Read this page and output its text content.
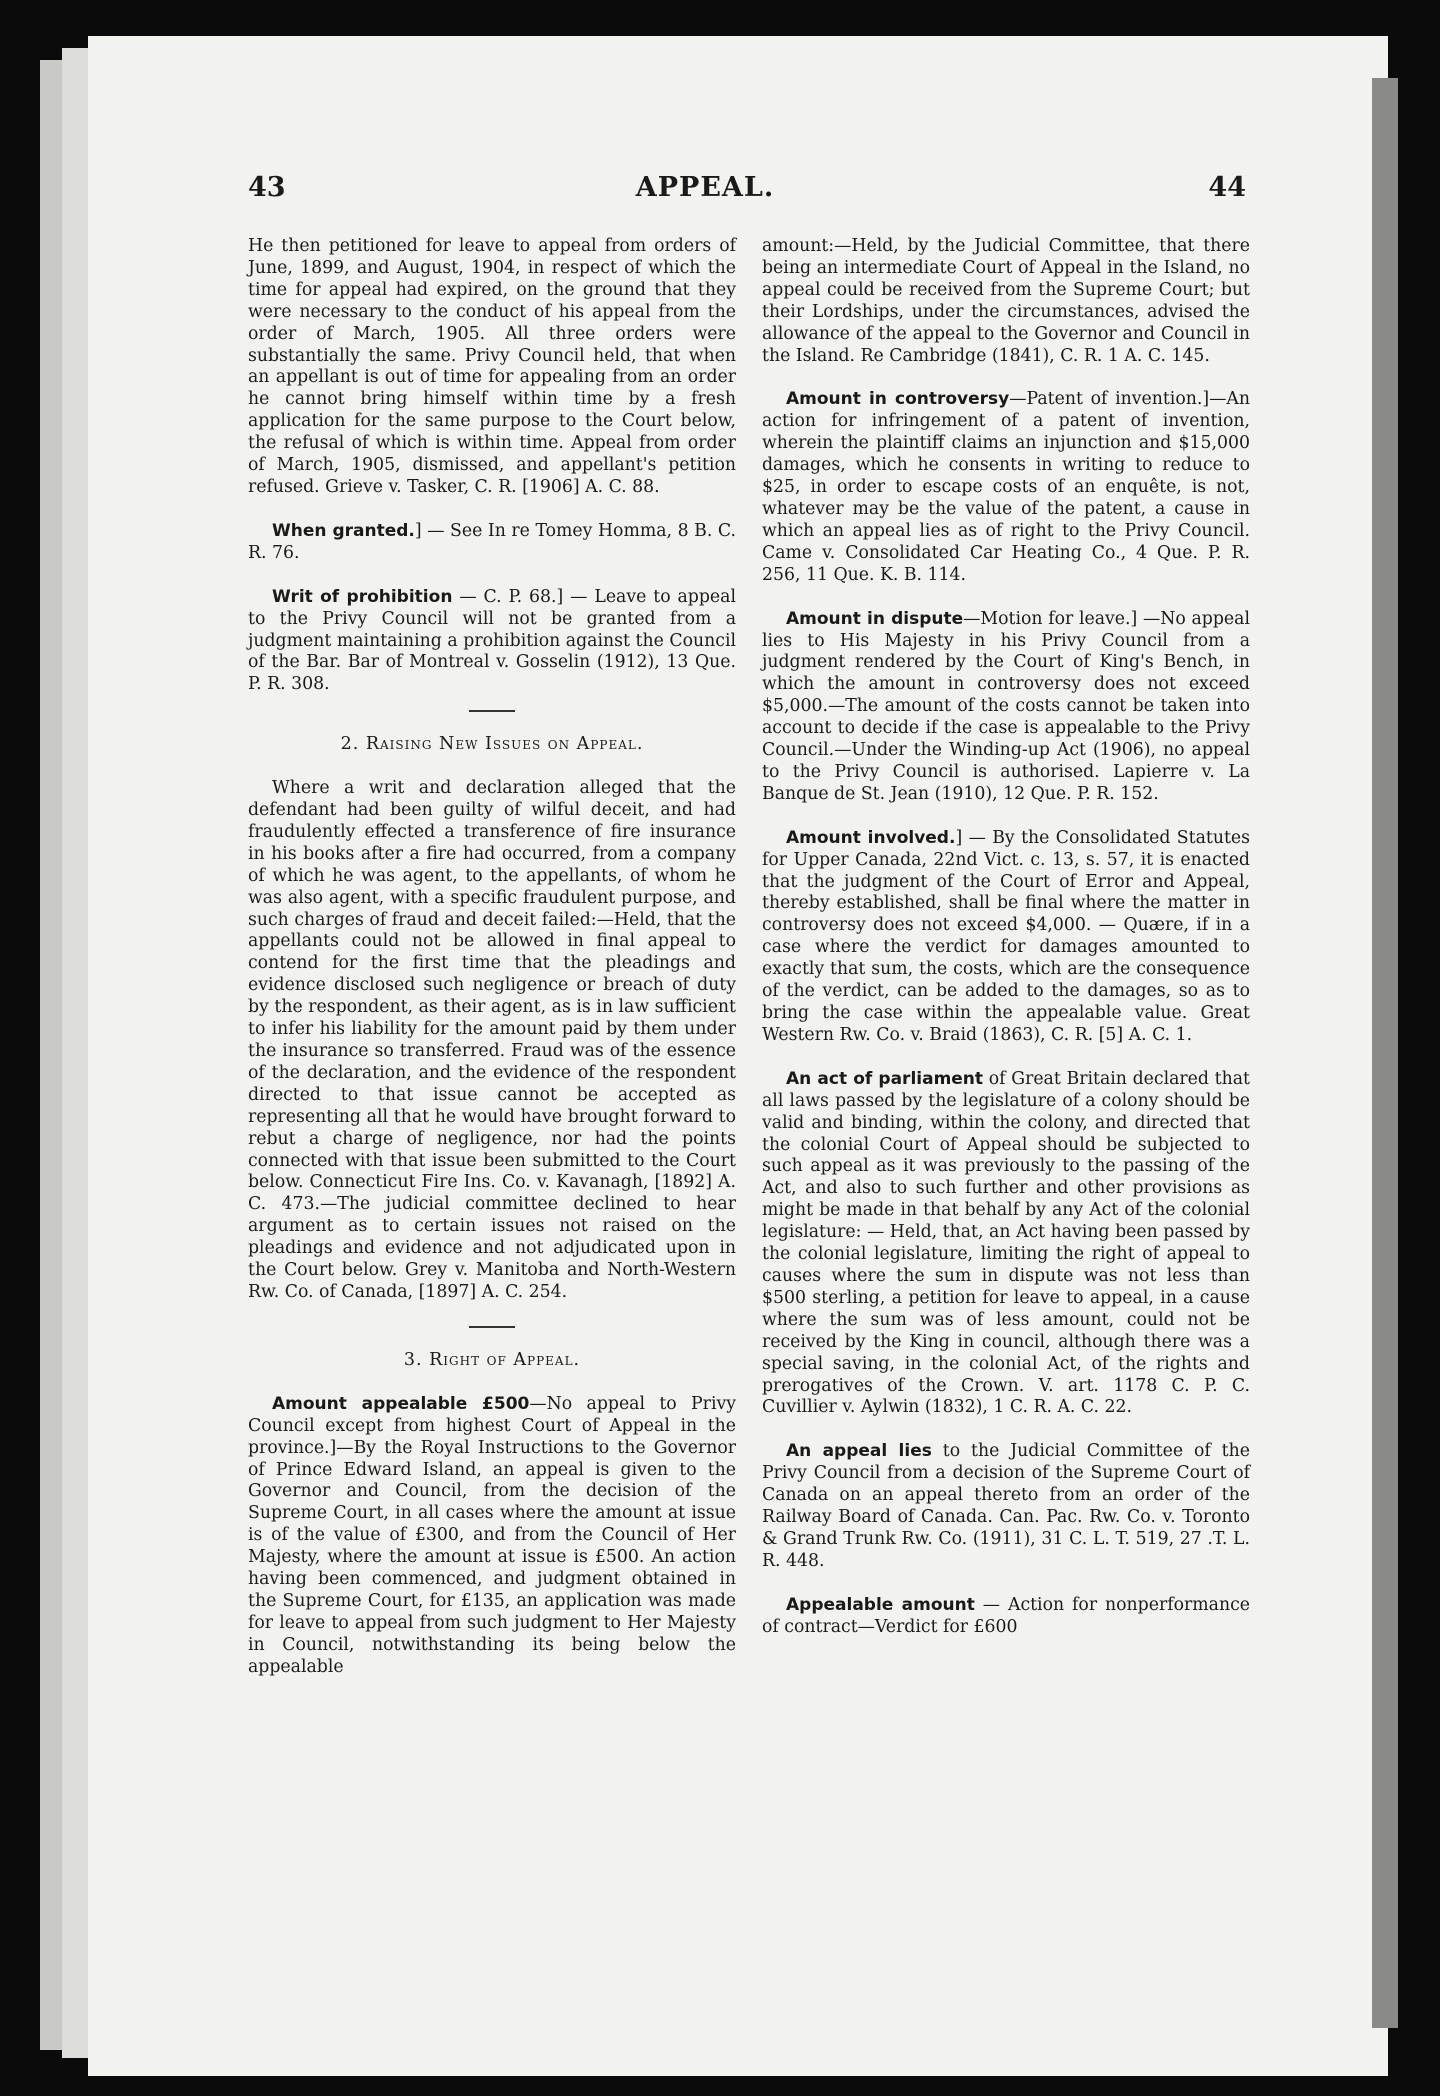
43	APPEAL.	44

He then petitioned for leave to appeal from orders of June, 1899, and August, 1904, in respect of which the time for appeal had expired, on the ground that they were necessary to the conduct of his appeal from the order of March, 1905. All three orders were substantially the same. Privy Council held, that when an appellant is out of time for appealing from an order he cannot bring himself within time by a fresh application for the same purpose to the Court below, the refusal of which is within time. Appeal from order of March, 1905, dismissed, and appellant's petition refused. Grieve v. Tasker, C. R. [1906] A. C. 88.

When granted.] — See In re Tomey Homma, 8 B. C. R. 76.

Writ of prohibition — C. P. 68.] — Leave to appeal to the Privy Council will not be granted from a judgment maintaining a prohibition against the Council of the Bar. Bar of Montreal v. Gosselin (1912), 13 Que. P. R. 308.

2. Raising New Issues on Appeal.

Where a writ and declaration alleged that the defendant had been guilty of wilful deceit, and had fraudulently effected a transference of fire insurance in his books after a fire had occurred, from a company of which he was agent, to the appellants, of whom he was also agent, with a specific fraudulent purpose, and such charges of fraud and deceit failed:—Held, that the appellants could not be allowed in final appeal to contend for the first time that the pleadings and evidence disclosed such negligence or breach of duty by the respondent, as their agent, as is in law sufficient to infer his liability for the amount paid by them under the insurance so transferred. Fraud was of the essence of the declaration, and the evidence of the respondent directed to that issue cannot be accepted as representing all that he would have brought forward to rebut a charge of negligence, nor had the points connected with that issue been submitted to the Court below. Connecticut Fire Ins. Co. v. Kavanagh, [1892] A. C. 473.—The judicial committee declined to hear argument as to certain issues not raised on the pleadings and evidence and not adjudicated upon in the Court below. Grey v. Manitoba and North-Western Rw. Co. of Canada, [1897] A. C. 254.

3. Right of Appeal.

Amount appealable £500—No appeal to Privy Council except from highest Court of Appeal in the province.]—By the Royal Instructions to the Governor of Prince Edward Island, an appeal is given to the Governor and Council, from the decision of the Supreme Court, in all cases where the amount at issue is of the value of £300, and from the Council of Her Majesty, where the amount at issue is £500. An action having been commenced, and judgment obtained in the Supreme Court, for £135, an application was made for leave to appeal from such judgment to Her Majesty in Council, notwithstanding its being below the appealable

amount:—Held, by the Judicial Committee, that there being an intermediate Court of Appeal in the Island, no appeal could be received from the Supreme Court; but their Lordships, under the circumstances, advised the allowance of the appeal to the Governor and Council in the Island. Re Cambridge (1841), C. R. 1 A. C. 145.

Amount in controversy—Patent of invention.]—An action for infringement of a patent of invention, wherein the plaintiff claims an injunction and $15,000 damages, which he consents in writing to reduce to $25, in order to escape costs of an enquête, is not, whatever may be the value of the patent, a cause in which an appeal lies as of right to the Privy Council. Came v. Consolidated Car Heating Co., 4 Que. P. R. 256, 11 Que. K. B. 114.

Amount in dispute—Motion for leave.] —No appeal lies to His Majesty in his Privy Council from a judgment rendered by the Court of King's Bench, in which the amount in controversy does not exceed $5,000.—The amount of the costs cannot be taken into account to decide if the case is appealable to the Privy Council.—Under the Winding-up Act (1906), no appeal to the Privy Council is authorised. Lapierre v. La Banque de St. Jean (1910), 12 Que. P. R. 152.

Amount involved.] — By the Consolidated Statutes for Upper Canada, 22nd Vict. c. 13, s. 57, it is enacted that the judgment of the Court of Error and Appeal, thereby established, shall be final where the matter in controversy does not exceed $4,000. — Quære, if in a case where the verdict for damages amounted to exactly that sum, the costs, which are the consequence of the verdict, can be added to the damages, so as to bring the case within the appealable value. Great Western Rw. Co. v. Braid (1863), C. R. [5] A. C. 1.

An act of parliament of Great Britain declared that all laws passed by the legislature of a colony should be valid and binding, within the colony, and directed that the colonial Court of Appeal should be subjected to such appeal as it was previously to the passing of the Act, and also to such further and other provisions as might be made in that behalf by any Act of the colonial legislature: — Held, that, an Act having been passed by the colonial legislature, limiting the right of appeal to causes where the sum in dispute was not less than $500 sterling, a petition for leave to appeal, in a cause where the sum was of less amount, could not be received by the King in council, although there was a special saving, in the colonial Act, of the rights and prerogatives of the Crown. V. art. 1178 C. P. C. Cuvillier v. Aylwin (1832), 1 C. R. A. C. 22.

An appeal lies to the Judicial Committee of the Privy Council from a decision of the Supreme Court of Canada on an appeal thereto from an order of the Railway Board of Canada. Can. Pac. Rw. Co. v. Toronto & Grand Trunk Rw. Co. (1911), 31 C. L. T. 519, 27 .T. L. R. 448.

Appealable amount — Action for nonperformance of contract—Verdict for £600
